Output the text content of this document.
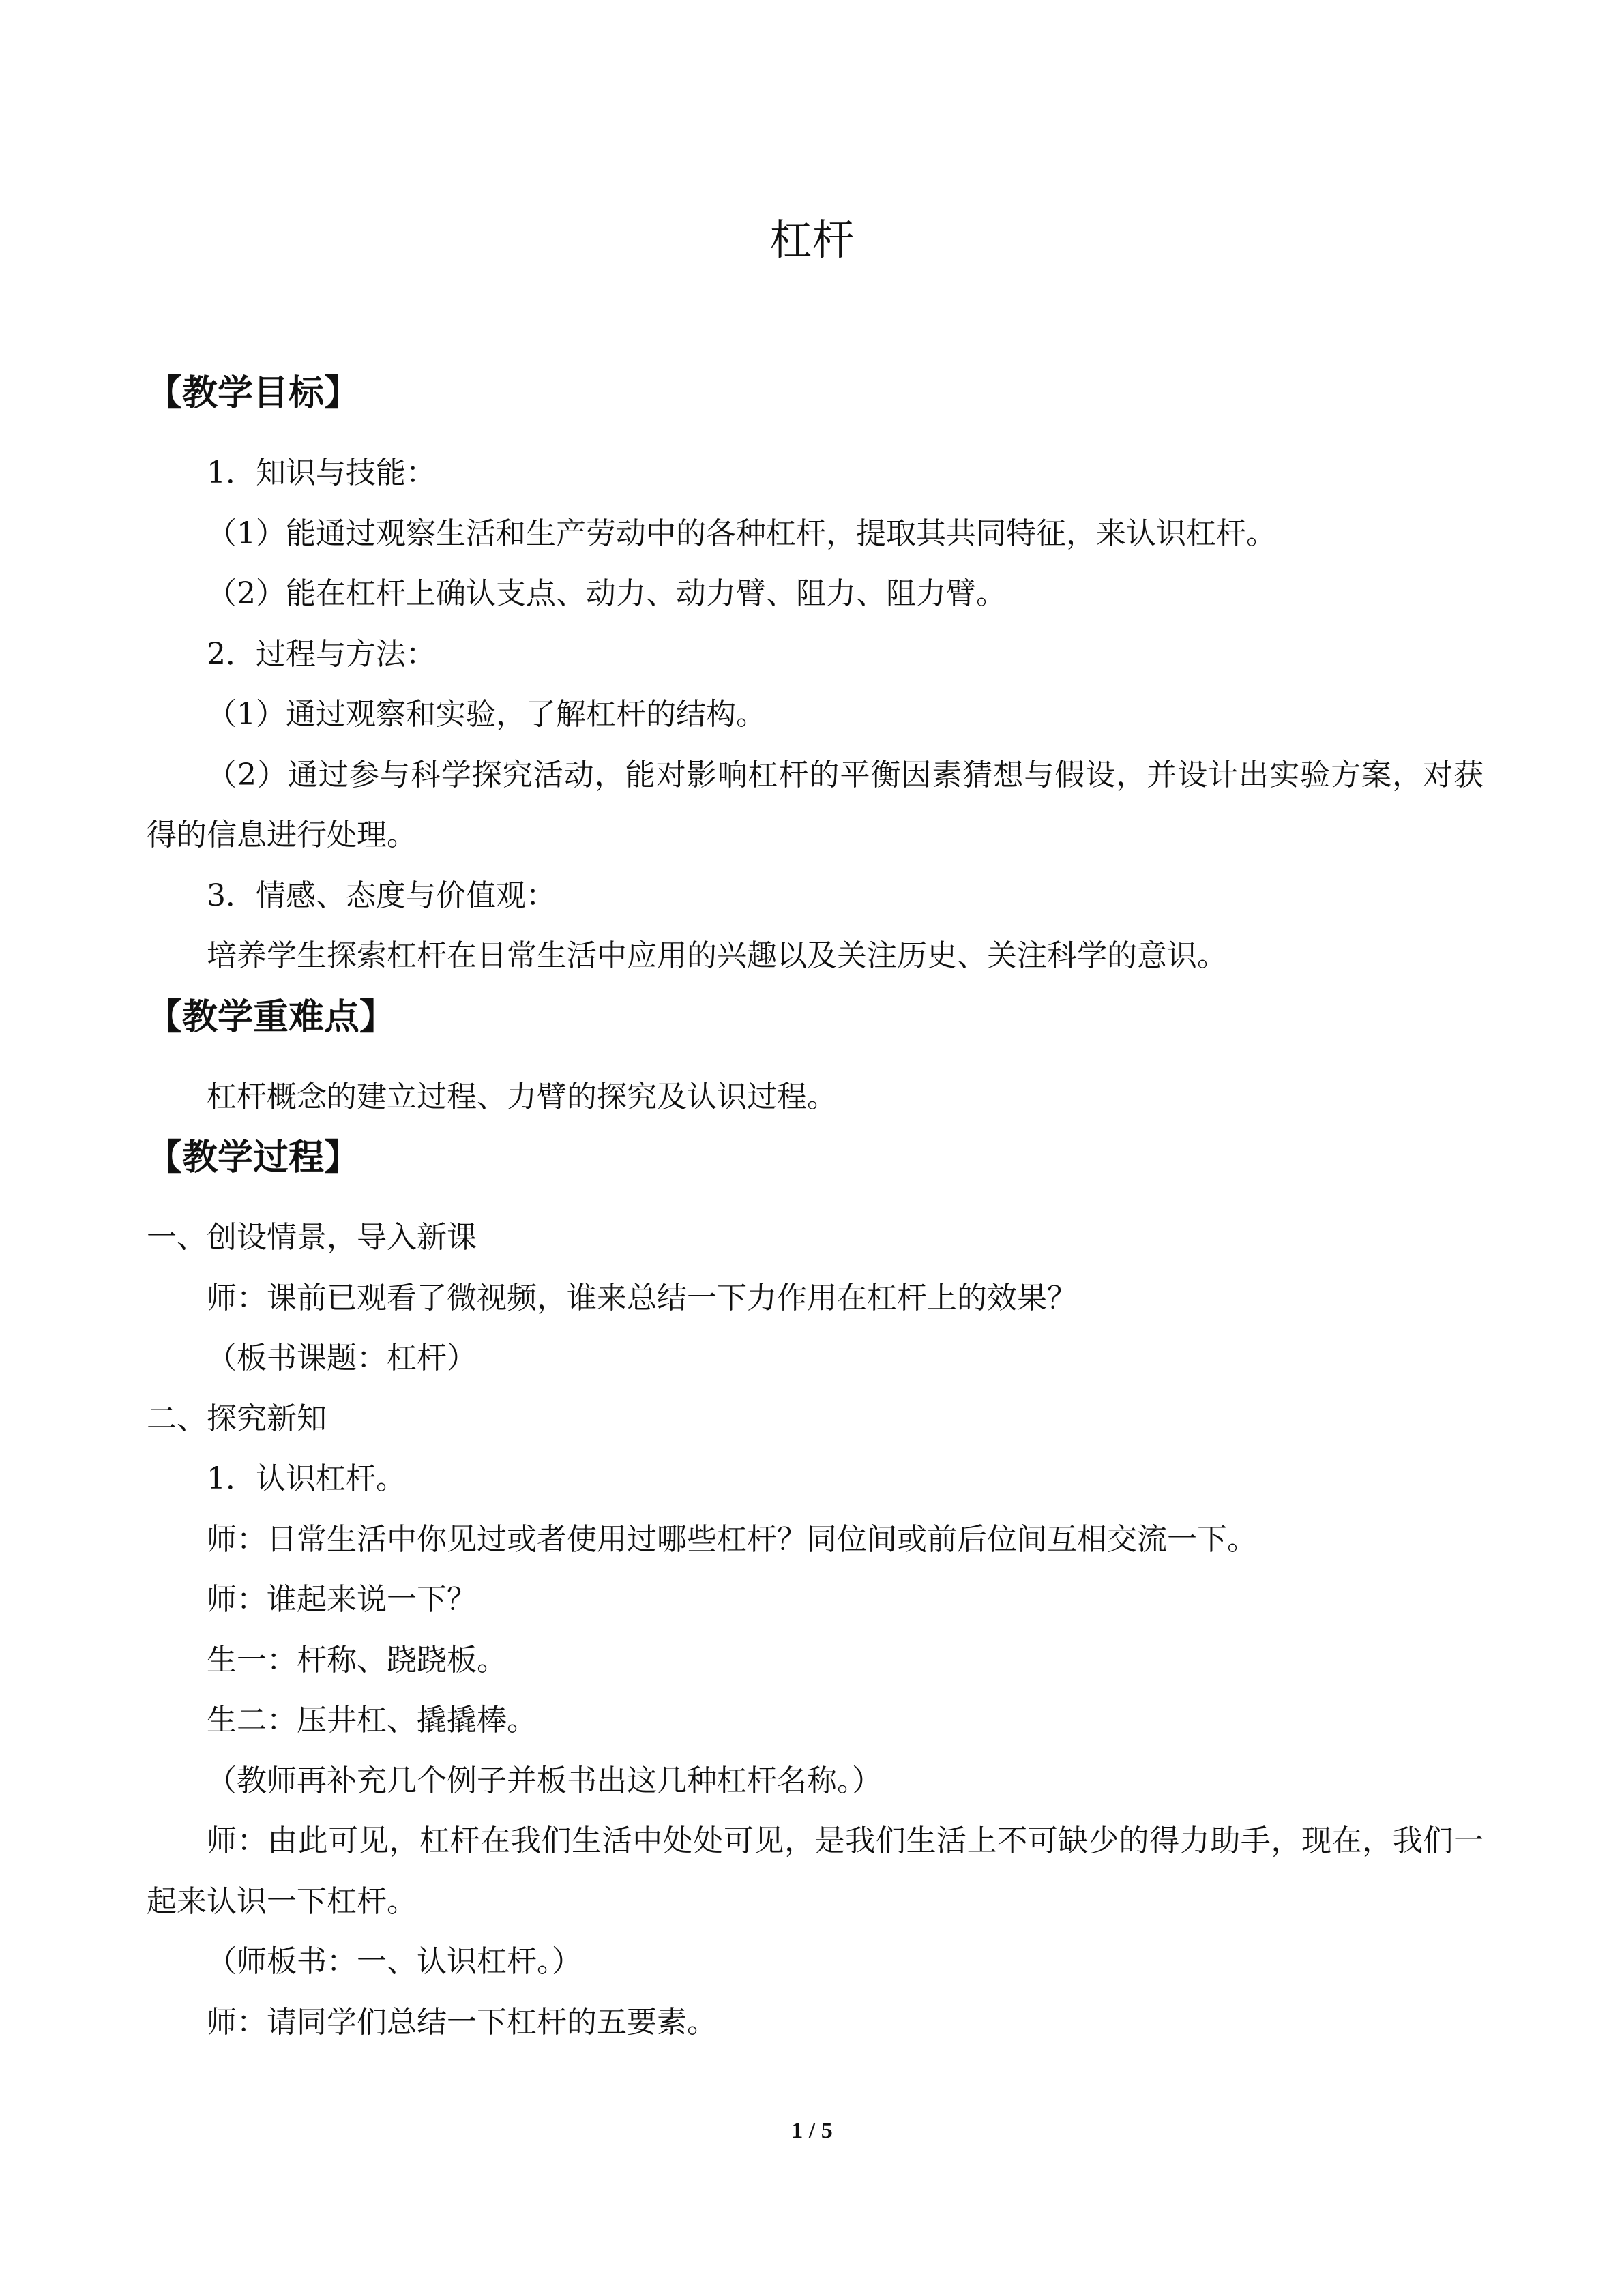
杠杆
【教学目标】

1．知识与技能：

（1）能通过观察生活和生产劳动中的各种杠杆，提取其共同特征，来认识杠杆。

（2）能在杠杆上确认支点、动力、动力臂、阻力、阻力臂。

2．过程与方法：

（1）通过观察和实验，了解杠杆的结构。

（2）通过参与科学探究活动，能对影响杠杆的平衡因素猜想与假设，并设计出实验方案，对获得的信息进行处理。

3．情感、态度与价值观：

培养学生探索杠杆在日常生活中应用的兴趣以及关注历史、关注科学的意识。

【教学重难点】

杠杆概念的建立过程、力臂的探究及认识过程。

【教学过程】

一、创设情景，导入新课

师：课前已观看了微视频，谁来总结一下力作用在杠杆上的效果？

（板书课题：杠杆）

二、探究新知

1．认识杠杆。

师：日常生活中你见过或者使用过哪些杠杆？同位间或前后位间互相交流一下。

师：谁起来说一下？

生一：杆称、跷跷板。

生二：压井杠、撬撬棒。

（教师再补充几个例子并板书出这几种杠杆名称。）

师：由此可见，杠杆在我们生活中处处可见，是我们生活上不可缺少的得力助手，现在，我们一起来认识一下杠杆。

（师板书：一、认识杠杆。）

师：请同学们总结一下杠杆的五要素。

1 / 5
